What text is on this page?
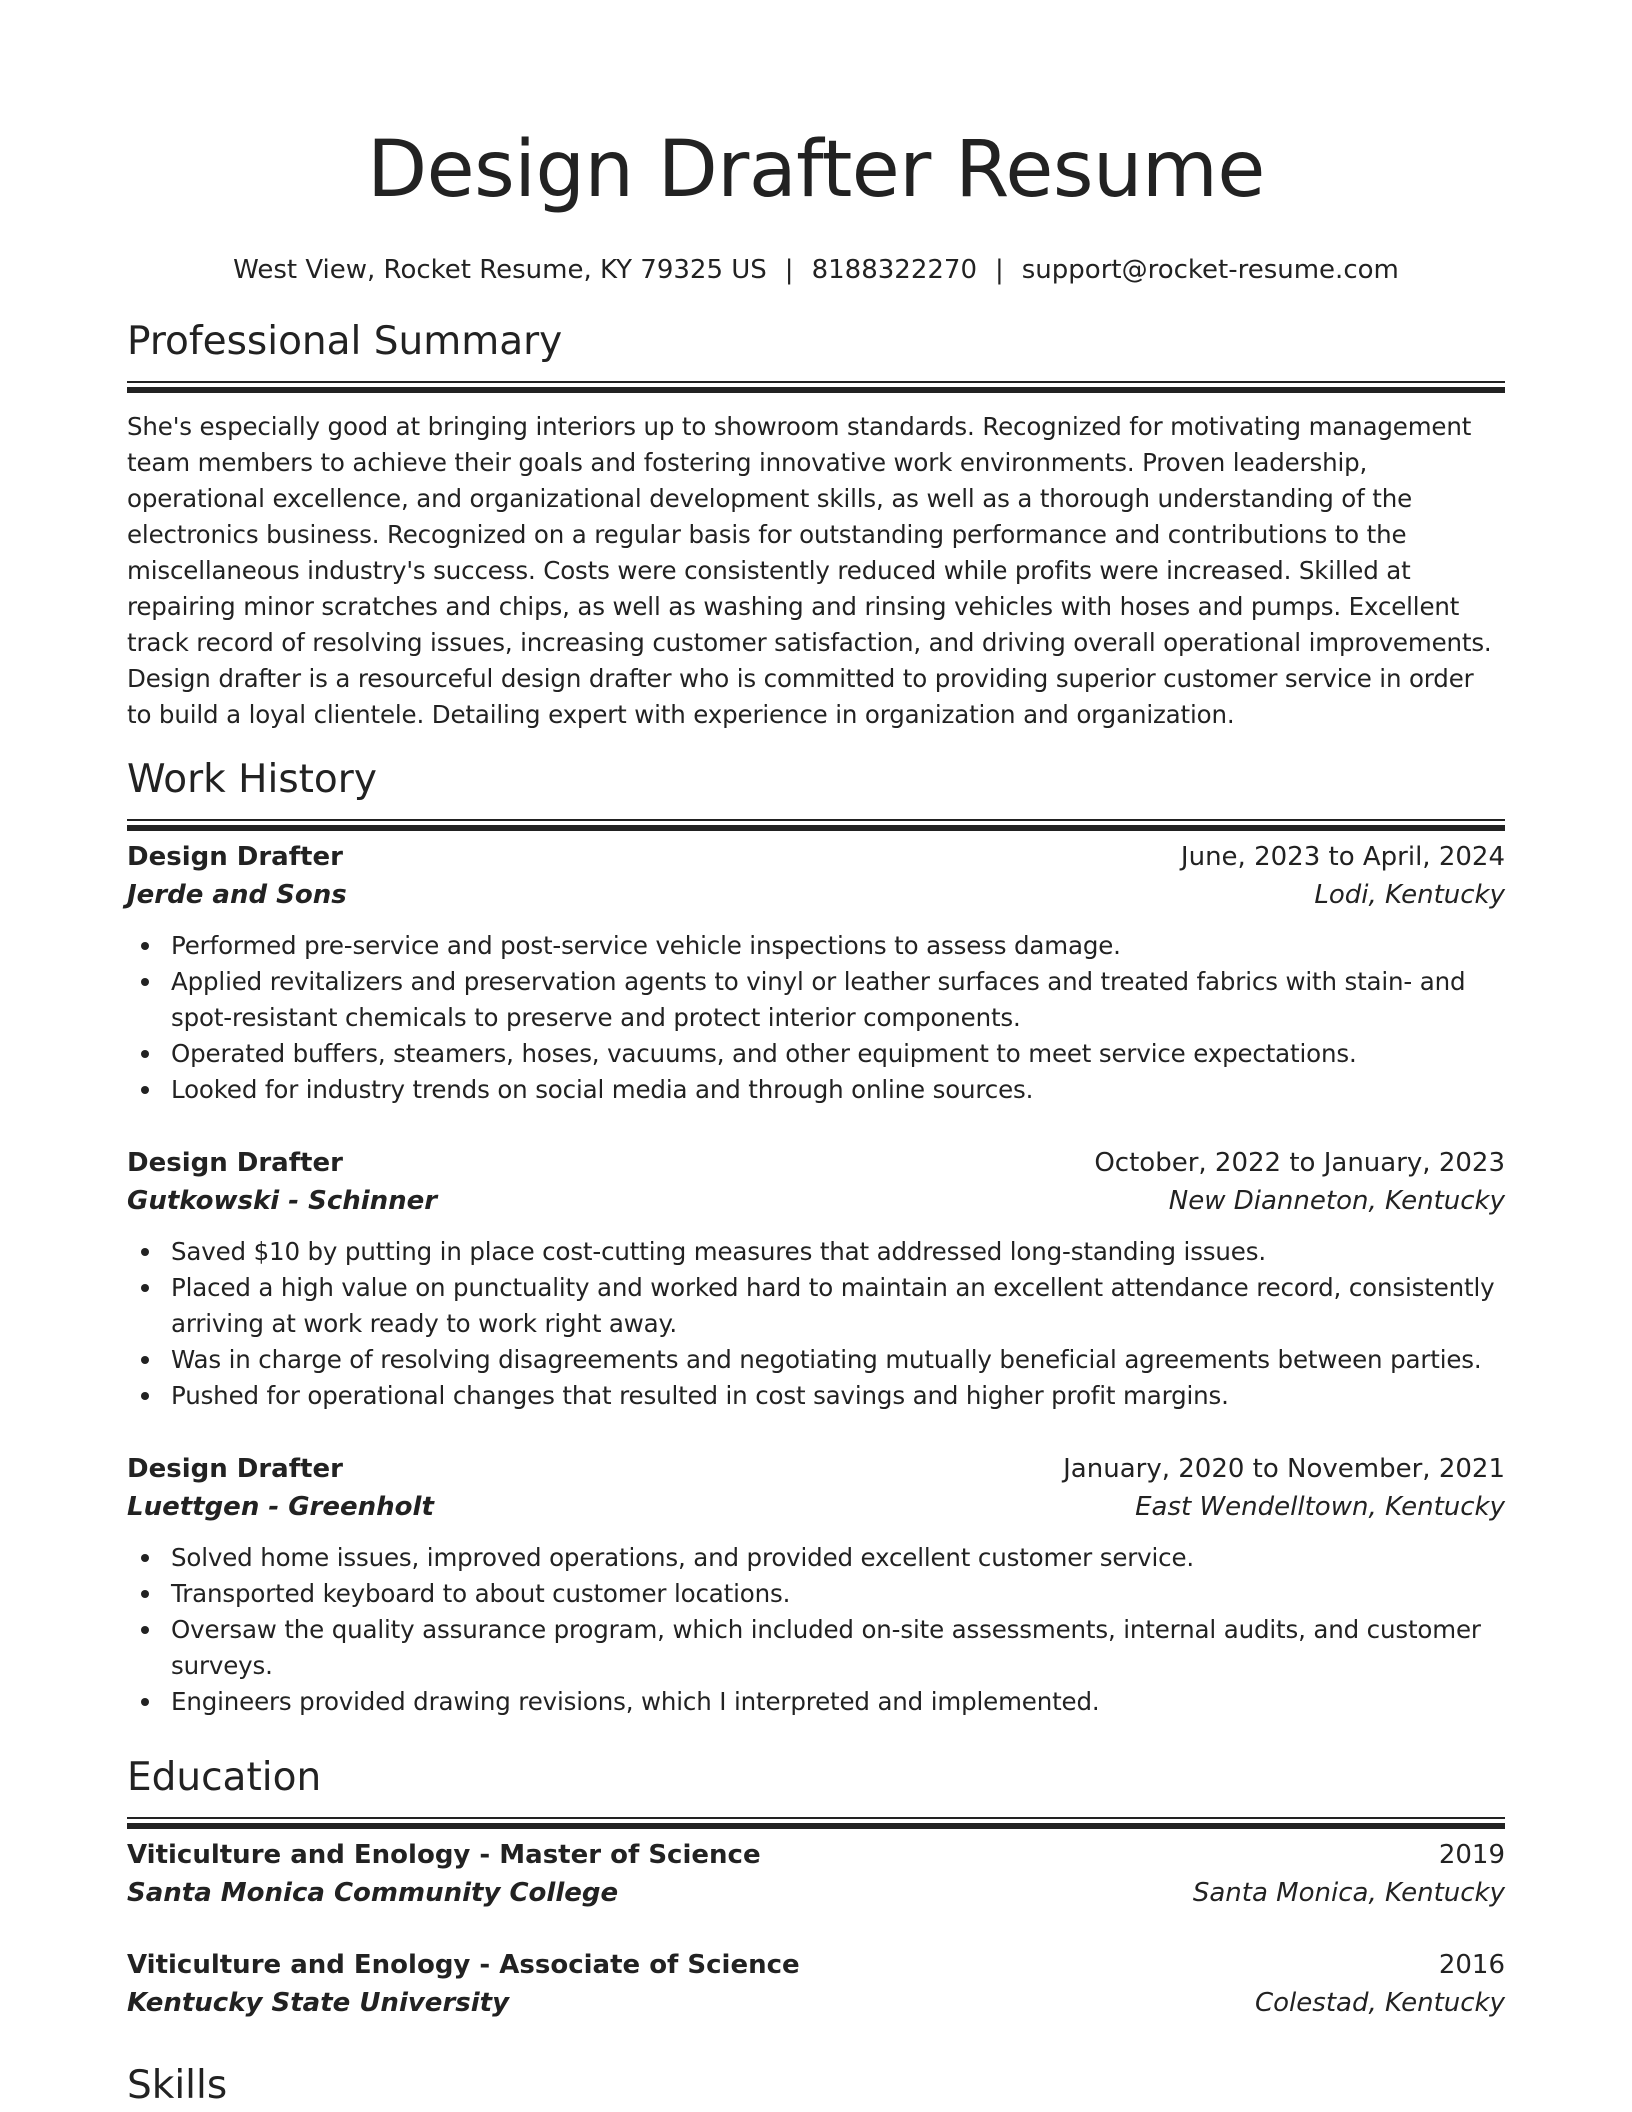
Design Drafter Resume
West View, Rocket Resume, KY 79325 US | 8188322270 | support@rocket-resume.com
Professional Summary

She's especially good at bringing interiors up to showroom standards. Recognized for motivating management team members to achieve their goals and fostering innovative work environments. Proven leadership, operational excellence, and organizational development skills, as well as a thorough understanding of the electronics business. Recognized on a regular basis for outstanding performance and contributions to the miscellaneous industry's success. Costs were consistently reduced while profits were increased. Skilled at repairing minor scratches and chips, as well as washing and rinsing vehicles with hoses and pumps. Excellent track record of resolving issues, increasing customer satisfaction, and driving overall operational improvements. Design drafter is a resourceful design drafter who is committed to providing superior customer service in order to build a loyal clientele. Detailing expert with experience in organization and organization.

Work History
Design Drafter	June, 2023 to April, 2024
Jerde and Sons	Lodi, Kentucky
Performed pre-service and post-service vehicle inspections to assess damage.
Applied revitalizers and preservation agents to vinyl or leather surfaces and treated fabrics with stain- and spot-resistant chemicals to preserve and protect interior components.
Operated buffers, steamers, hoses, vacuums, and other equipment to meet service expectations.
Looked for industry trends on social media and through online sources.
Design Drafter	October, 2022 to January, 2023
Gutkowski - Schinner	New Dianneton, Kentucky
Saved $10 by putting in place cost-cutting measures that addressed long-standing issues.
Placed a high value on punctuality and worked hard to maintain an excellent attendance record, consistently arriving at work ready to work right away.
Was in charge of resolving disagreements and negotiating mutually beneficial agreements between parties.
Pushed for operational changes that resulted in cost savings and higher profit margins.
Design Drafter	January, 2020 to November, 2021
Luettgen - Greenholt	East Wendelltown, Kentucky
Solved home issues, improved operations, and provided excellent customer service.
Transported keyboard to about customer locations.
Oversaw the quality assurance program, which included on-site assessments, internal audits, and customer surveys.
Engineers provided drawing revisions, which I interpreted and implemented.
Education
Viticulture and Enology - Master of Science	2019
Santa Monica Community College	Santa Monica, Kentucky
Viticulture and Enology - Associate of Science	2016
Kentucky State University	Colestad, Kentucky
Skills
